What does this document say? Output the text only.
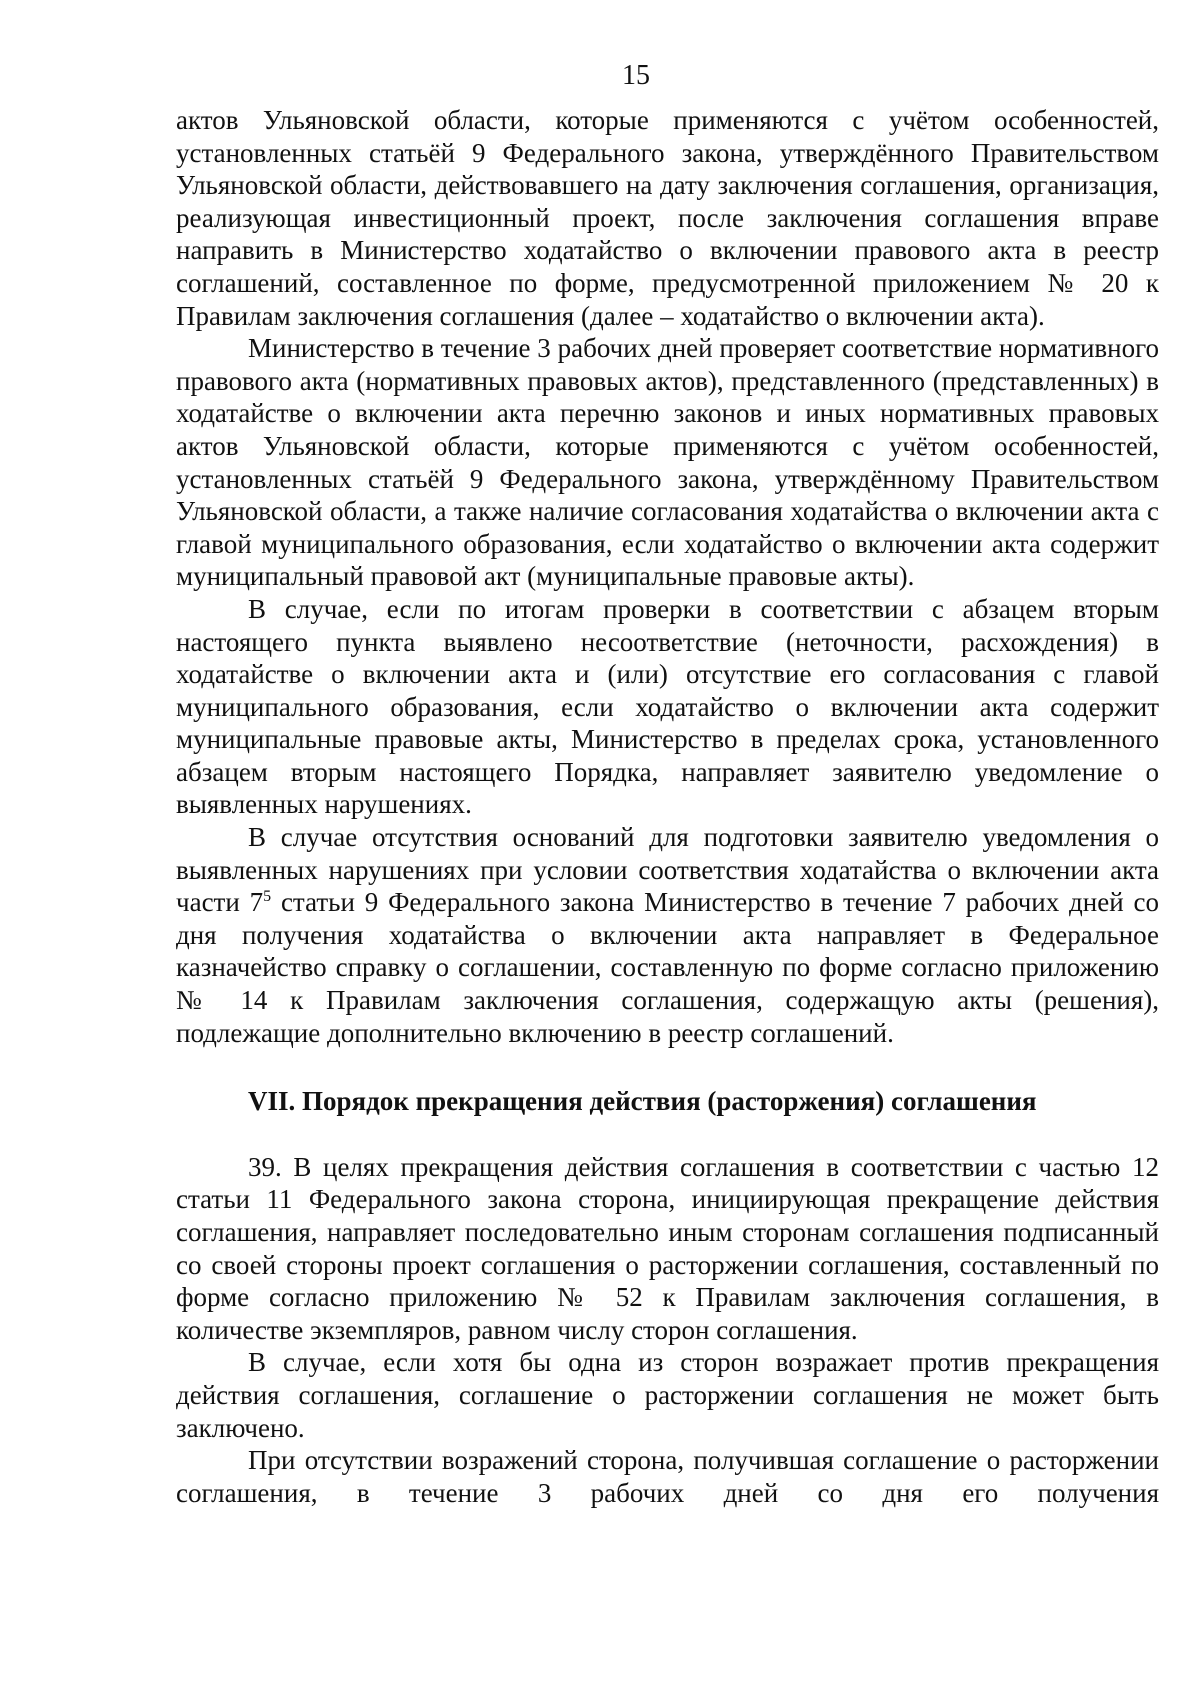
15

актов Ульяновской области, которые применяются с учётом особенностей, установленных статьёй 9 Федерального закона, утверждённого Правительством Ульяновской области, действовавшего на дату заключения соглашения, организация, реализующая инвестиционный проект, после заключения соглашения вправе направить в Министерство ходатайство о включении правового акта в реестр соглашений, составленное по форме, предусмотренной приложением № 20 к Правилам заключения соглашения (далее – ходатайство о включении акта).

Министерство в течение 3 рабочих дней проверяет соответствие нормативного правового акта (нормативных правовых актов), представленного (представленных) в ходатайстве о включении акта перечню законов и иных нормативных правовых актов Ульяновской области, которые применяются с учётом особенностей, установленных статьёй 9 Федерального закона, утверждённому Правительством Ульяновской области, а также наличие согласования ходатайства о включении акта с главой муниципального образования, если ходатайство о включении акта содержит муниципальный правовой акт (муниципальные правовые акты).

В случае, если по итогам проверки в соответствии с абзацем вторым настоящего пункта выявлено несоответствие (неточности, расхождения) в ходатайстве о включении акта и (или) отсутствие его согласования с главой муниципального образования, если ходатайство о включении акта содержит муниципальные правовые акты, Министерство в пределах срока, установленного абзацем вторым настоящего Порядка, направляет заявителю уведомление о выявленных нарушениях.

В случае отсутствия оснований для подготовки заявителю уведомления о выявленных нарушениях при условии соответствия ходатайства о включении акта части $7^5$ статьи 9 Федерального закона Министерство в течение 7 рабочих дней со дня получения ходатайства о включении акта направляет в Федеральное казначейство справку о соглашении, составленную по форме согласно приложению № 14 к Правилам заключения соглашения, содержащую акты (решения), подлежащие дополнительно включению в реестр соглашений.

VII. Порядок прекращения действия (расторжения) соглашения

39. В целях прекращения действия соглашения в соответствии с частью 12 статьи 11 Федерального закона сторона, инициирующая прекращение действия соглашения, направляет последовательно иным сторонам соглашения подписанный со своей стороны проект соглашения о расторжении соглашения, составленный по форме согласно приложению № 52 к Правилам заключения соглашения, в количестве экземпляров, равном числу сторон соглашения.

В случае, если хотя бы одна из сторон возражает против прекращения действия соглашения, соглашение о расторжении соглашения не может быть заключено.

При отсутствии возражений сторона, получившая соглашение о расторжении соглашения, в течение 3 рабочих дней со дня его получения
